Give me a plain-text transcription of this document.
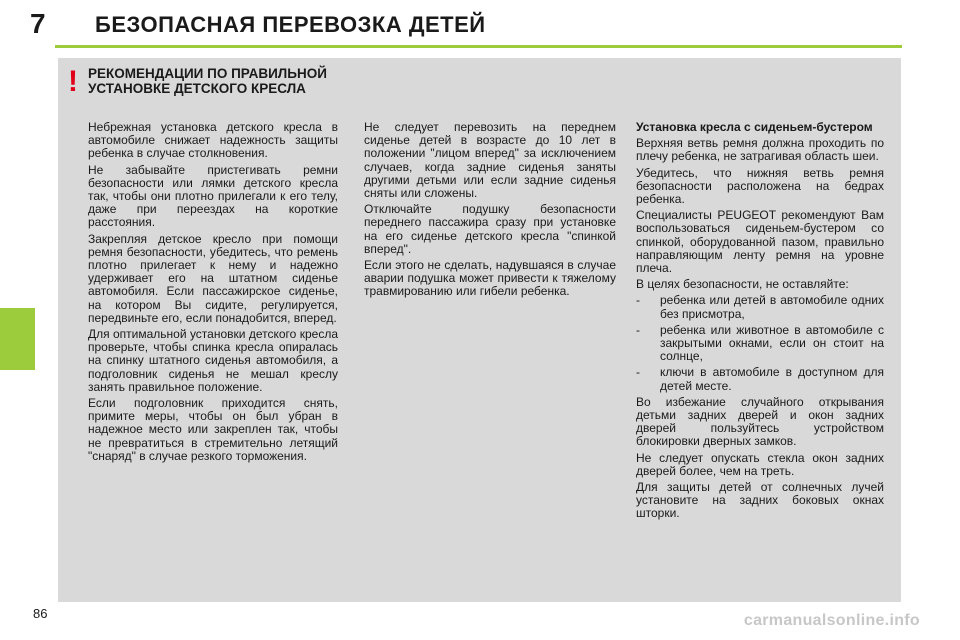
7 БЕЗОПАСНАЯ ПЕРЕВОЗКА ДЕТЕЙ
! РЕКОМЕНДАЦИИ ПО ПРАВИЛЬНОЙ УСТАНОВКЕ ДЕТСКОГО КРЕСЛА

Небрежная установка детского кресла в автомобиле снижает надежность защиты ребенка в случае столкновения.

Не забывайте пристегивать ремни безопасности или лямки детского кресла так, чтобы они плотно прилегали к его телу, даже при переездах на короткие расстояния.

Закрепляя детское кресло при помощи ремня безопасности, убедитесь, что ремень плотно прилегает к нему и надежно удерживает его на штатном сиденье автомобиля. Если пассажирское сиденье, на котором Вы сидите, регулируется, передвиньте его, если понадобится, вперед.

Для оптимальной установки детского кресла проверьте, чтобы спинка кресла опиралась на спинку штатного сиденья автомобиля, а подголовник сиденья не мешал креслу занять правильное положение.

Если подголовник приходится снять, примите меры, чтобы он был убран в надежное место или закреплен так, чтобы не превратиться в стремительно летящий "снаряд" в случае резкого торможения.

Не следует перевозить на переднем сиденье детей в возрасте до 10 лет в положении "лицом вперед" за исключением случаев, когда задние сиденья заняты другими детьми или если задние сиденья сняты или сложены.

Отключайте подушку безопасности переднего пассажира сразу при установке на его сиденье детского кресла "спинкой вперед".

Если этого не сделать, надувшаяся в случае аварии подушка может привести к тяжелому травмированию или гибели ребенка.

Установка кресла с сиденьем-бустером

Верхняя ветвь ремня должна проходить по плечу ребенка, не затрагивая область шеи.

Убедитесь, что нижняя ветвь ремня безопасности расположена на бедрах ребенка.

Специалисты PEUGEOT рекомендуют Вам воспользоваться сиденьем-бустером со спинкой, оборудованной пазом, правильно направляющим ленту ремня на уровне плеча.

В целях безопасности, не оставляйте:

-	ребенка или детей в автомобиле одних без присмотра,
-	ребенка или животное в автомобиле с закрытыми окнами, если он стоит на солнце,
-	ключи в автомобиле в доступном для детей месте.

Во избежание случайного открывания детьми задних дверей и окон задних дверей пользуйтесь устройством блокировки дверных замков.

Не следует опускать стекла окон задних дверей более, чем на треть.

Для защиты детей от солнечных лучей установите на задних боковых окнах шторки.

86	carmanualsonline.info
